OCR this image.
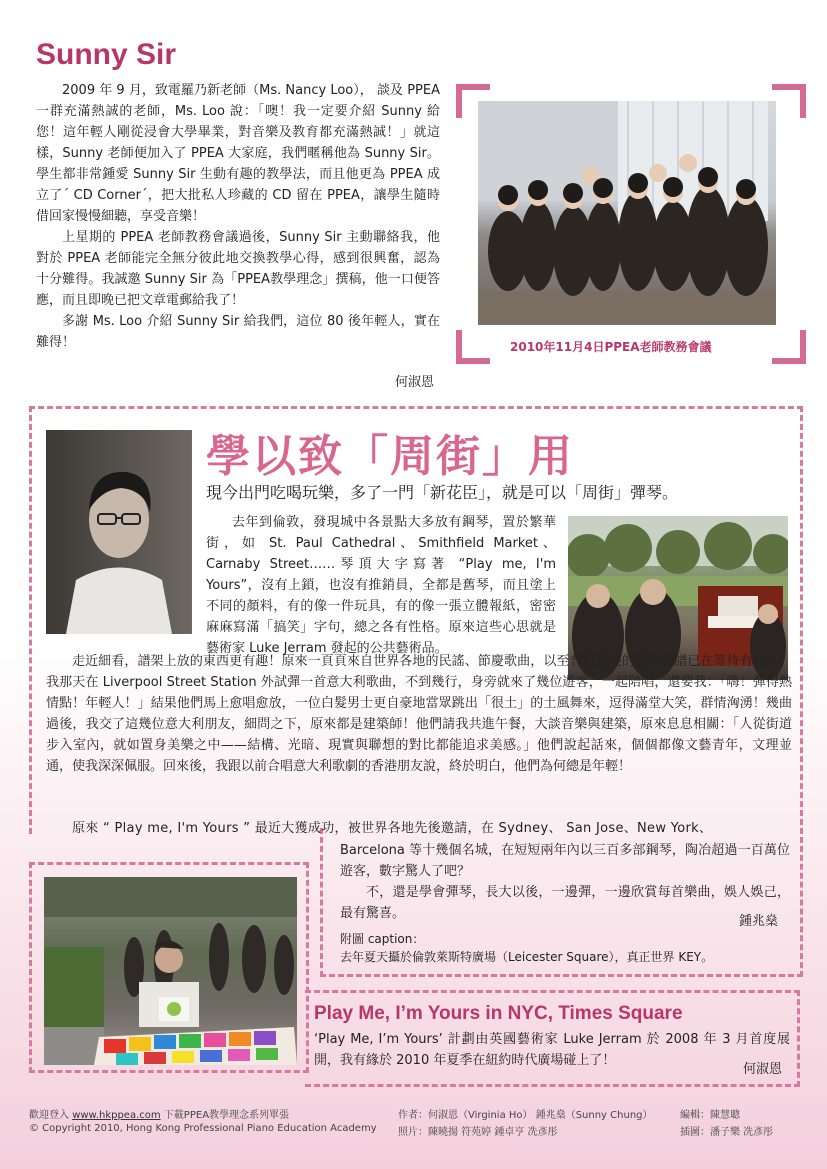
Sunny Sir

2009 年 9 月，致電羅乃新老師（Ms. Nancy Loo）， 談及 PPEA 一群充滿熱誠的老師，Ms. Loo 說：「噢！我一定要介紹 Sunny 給您！這年輕人剛從浸會大學畢業，對音樂及教育都充滿熱誠！」就這樣，Sunny 老師便加入了 PPEA 大家庭，我們暱稱他為 Sunny Sir。學生都非常鍾愛 Sunny Sir 生動有趣的教學法，而且他更為 PPEA 成立了´ CD Corner´，把大批私人珍藏的 CD 留在 PPEA，讓學生隨時借回家慢慢細聽，享受音樂！

上星期的 PPEA 老師教務會議過後，Sunny Sir 主動聯絡我，他對於 PPEA 老師能完全無分彼此地交換教學心得，感到很興奮，認為十分難得。我誠邀 Sunny Sir 為「PPEA教學理念」撰稿，他一口便答應，而且即晚已把文章電郵給我了！

多謝 Ms. Loo 介紹 Sunny Sir 給我們，這位 80 後年輕人，實在難得！

何淑恩
2010年11月4日PPEA老師教務會議
學以致「周街」用
現今出門吃喝玩樂，多了一門「新花臣」，就是可以「周街」彈琴。

去年到倫敦，發現城中各景點大多放有鋼琴，置於繁華街，如 St. Paul Cathedral、Smithfield Market、Carnaby Street……琴頂大字寫著 “Play me, I'm Yours”，沒有上鎖，也沒有推銷員，全都是舊琴，而且塗上不同的顏料，有的像一件玩具，有的像一張立體報紙，密密麻麻寫滿「搞笑」字句，總之各有性格。原來這些心思就是藝術家 Luke Jerram 發起的公共藝術品。

走近細看，譜架上放的東西更有趣！原來一頁頁來自世界各地的民謠、節慶歌曲，以至普世通曉的流行曲譜已在等待有心人。我那天在 Liverpool Street Station 外試彈一首意大利歌曲，不到幾行，身旁就來了幾位遊客，一起陪唱，還要我：「嗨！彈得熱情點！年輕人！」結果他們馬上愈唱愈放，一位白髮男士更自豪地當眾跳出「很土」的土風舞來，逗得滿堂大笑，群情洶湧！幾曲過後，我交了這幾位意大利朋友，細問之下，原來都是建築師！他們請我共進午餐，大談音樂與建築，原來息息相關：「人從街道步入室內，就如置身美樂之中——結構、光暗、現實與聯想的對比都能追求美感。」他們說起話來，個個都像文藝青年，文理並通，使我深深佩服。回來後，我跟以前合唱意大利歌劇的香港朋友說，終於明白，他們為何總是年輕！

原來 “ Play me, I'm Yours ” 最近大獲成功，被世界各地先後邀請，在 Sydney、 San Jose、New York、

Barcelona 等十幾個名城，在短短兩年內以三百多部鋼琴，陶冶超過一百萬位遊客，數字驚人了吧？

不，還是學會彈琴，長大以後，一邊彈，一邊欣賞每首樂曲，娛人娛己，最有驚喜。

鍾兆燊
附圖 caption：
去年夏天攝於倫敦萊斯特廣場（Leicester Square），真正世界 KEY。
Play Me, I’m Yours in NYC, Times Square

‘Play Me, I’m Yours’ 計劃由英國藝術家 Luke Jerram 於 2008 年 3 月首度展開，我有緣於 2010 年夏季在紐約時代廣場碰上了！

何淑恩
歡迎登入 www.hkppea.com 下載PPEA教學理念系列單張
© Copyright 2010, Hong Kong Professional Piano Education Academy
作者：何淑恩（Virginia Ho） 鍾兆燊（Sunny Chung）	編輯：陳慧聰
照片：陳曉揚 符苑婷 鍾卓亨 冼彥彤	插圖：潘子樂 冼彥彤
